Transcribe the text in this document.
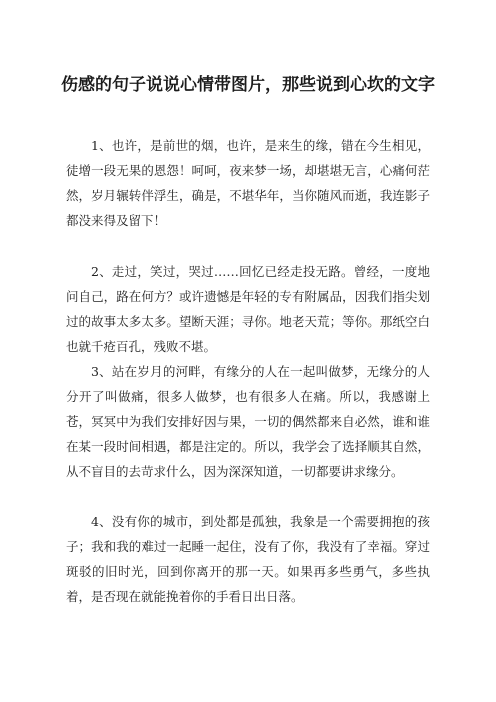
伤感的句子说说心情带图片，那些说到心坎的文字

1、也许，是前世的烟，也许，是来生的缘，错在今生相见，徒增一段无果的恩怨！呵呵，夜来梦一场，却堪堪无言，心痛何茫然，岁月辗转伴浮生，确是，不堪华年，当你随风而逝，我连影子都没来得及留下！

2、走过，笑过，哭过……回忆已经走投无路。曾经，一度地问自己，路在何方？或许遗憾是年轻的专有附属品，因我们指尖划过的故事太多太多。望断天涯；寻你。地老天荒；等你。那纸空白也就千疮百孔，残败不堪。

3、站在岁月的河畔，有缘分的人在一起叫做梦，无缘分的人分开了叫做痛，很多人做梦，也有很多人在痛。所以，我感谢上苍，冥冥中为我们安排好因与果，一切的偶然都来自必然，谁和谁在某一段时间相遇，都是注定的。所以，我学会了选择顺其自然，从不盲目的去苛求什么，因为深深知道，一切都要讲求缘分。

4、没有你的城市，到处都是孤独，我象是一个需要拥抱的孩子；我和我的难过一起睡一起住，没有了你，我没有了幸福。穿过斑驳的旧时光，回到你离开的那一天。如果再多些勇气，多些执着，是否现在就能挽着你的手看日出日落。
